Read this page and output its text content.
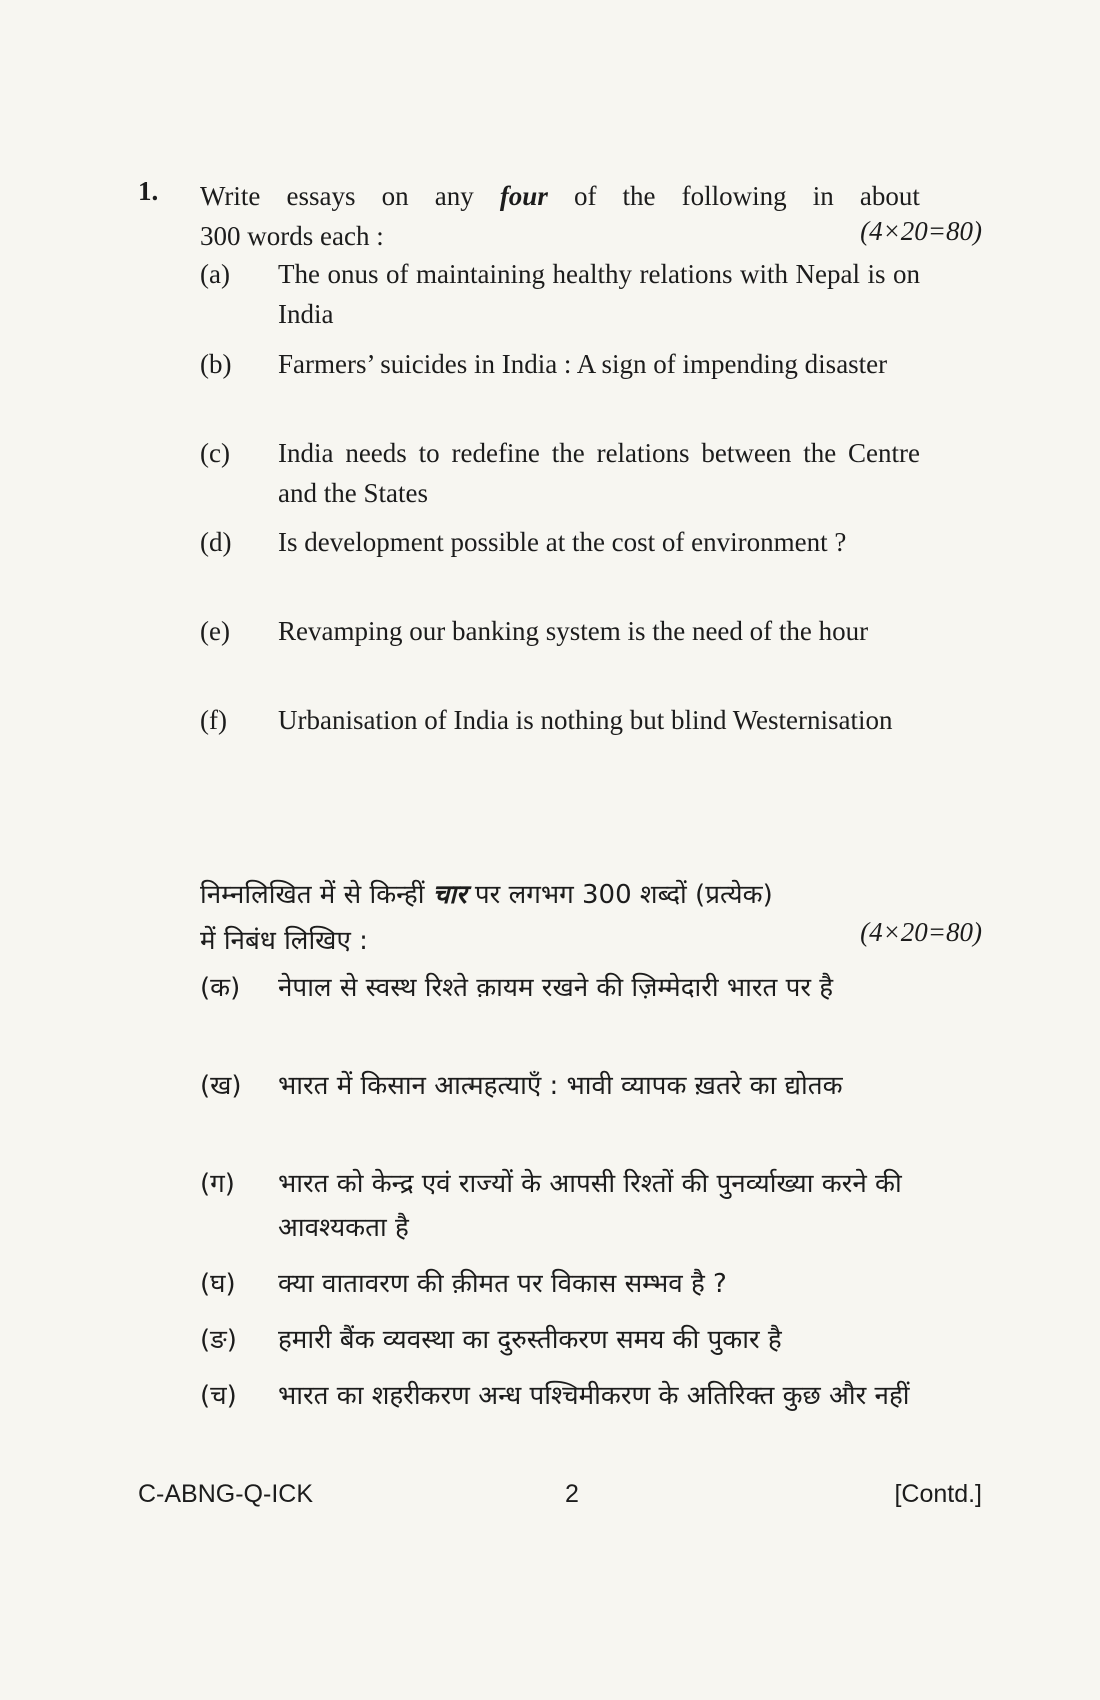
1. Write essays on any four of the following in about
300 words each :	(4×20=80)
(a) The onus of maintaining healthy relations with Nepal is on India
(b) Farmers’ suicides in India : A sign of impending disaster
(c) India needs to redefine the relations between the Centre and the States
(d) Is development possible at the cost of environment ?
(e) Revamping our banking system is the need of the hour
(f) Urbanisation of India is nothing but blind Westernisation
निम्नलिखित में से किन्हीं चार पर लगभग 300 शब्दों (प्रत्येक)
में निबंध लिखिए :	(4×20=80)
(क) नेपाल से स्वस्थ रिश्ते क़ायम रखने की ज़िम्मेदारी भारत पर है
(ख) भारत में किसान आत्महत्याएँ : भावी व्यापक ख़तरे का द्योतक
(ग) भारत को केन्द्र एवं राज्यों के आपसी रिश्तों की पुनर्व्याख्या करने की आवश्यकता है
(घ) क्या वातावरण की क़ीमत पर विकास सम्भव है ?
(ङ) हमारी बैंक व्यवस्था का दुरुस्तीकरण समय की पुकार है
(च) भारत का शहरीकरण अन्ध पश्चिमीकरण के अतिरिक्त कुछ और नहीं
C-ABNG-Q-ICK	2	[Contd.]
